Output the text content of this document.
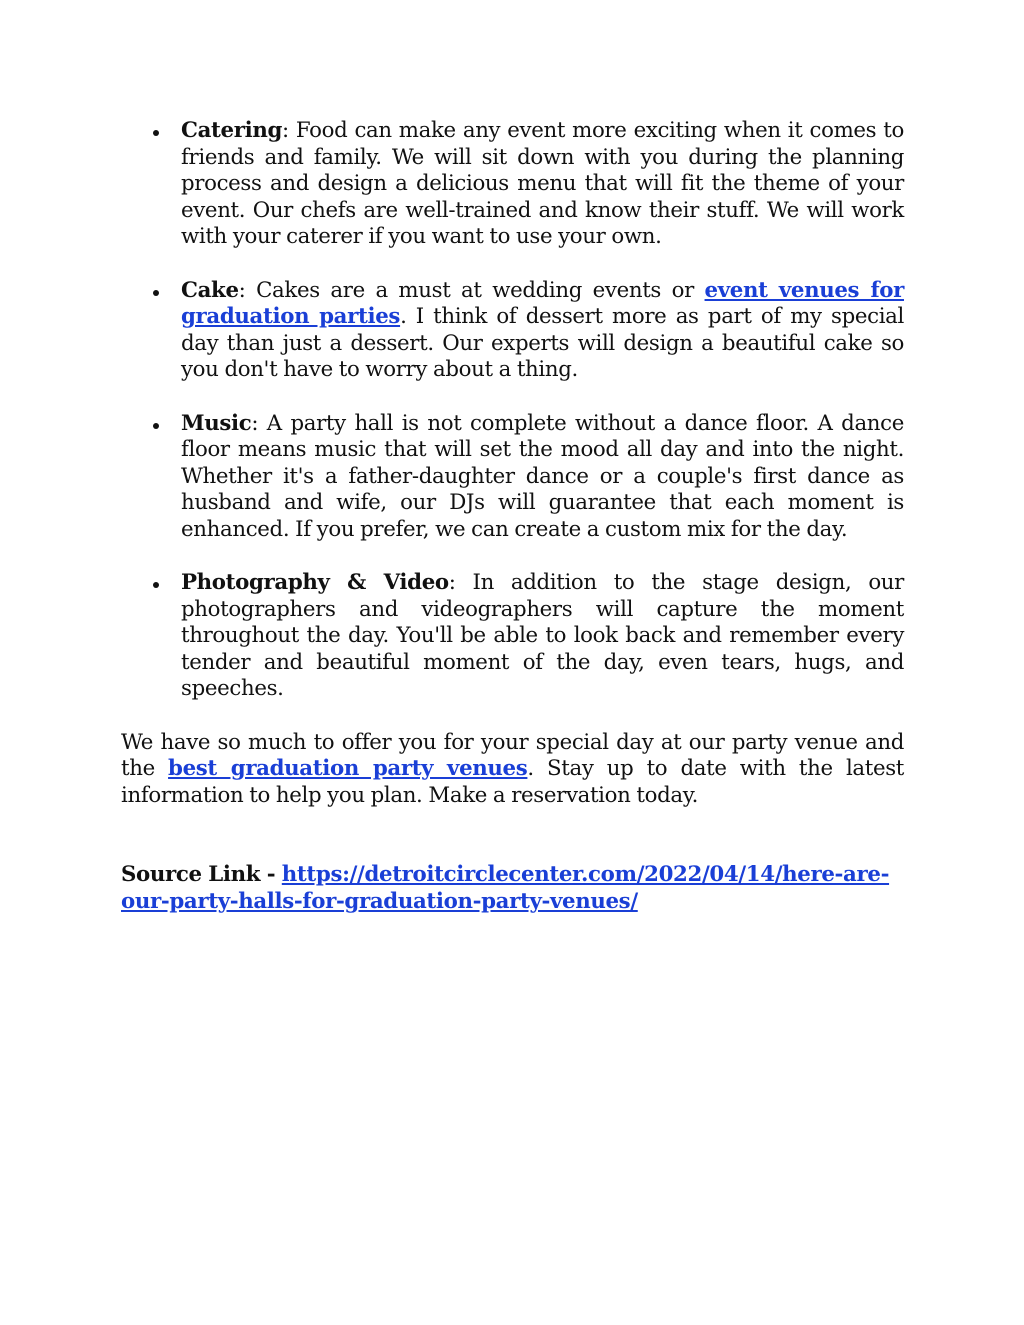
Catering: Food can make any event more exciting when it comes to friends and family. We will sit down with you during the planning process and design a delicious menu that will fit the theme of your event. Our chefs are well-trained and know their stuff. We will work with your caterer if you want to use your own.
Cake: Cakes are a must at wedding events or event venues for graduation parties. I think of dessert more as part of my special day than just a dessert. Our experts will design a beautiful cake so you don't have to worry about a thing.
Music: A party hall is not complete without a dance floor. A dance floor means music that will set the mood all day and into the night. Whether it's a father-daughter dance or a couple's first dance as husband and wife, our DJs will guarantee that each moment is enhanced. If you prefer, we can create a custom mix for the day.
Photography & Video: In addition to the stage design, our photographers and videographers will capture the moment throughout the day. You'll be able to look back and remember every tender and beautiful moment of the day, even tears, hugs, and speeches.

We have so much to offer you for your special day at our party venue and the best graduation party venues. Stay up to date with the latest information to help you plan. Make a reservation today.

Source Link - https://detroitcirclecenter.com/2022/04/14/here-are-our-party-halls-for-graduation-party-venues/
